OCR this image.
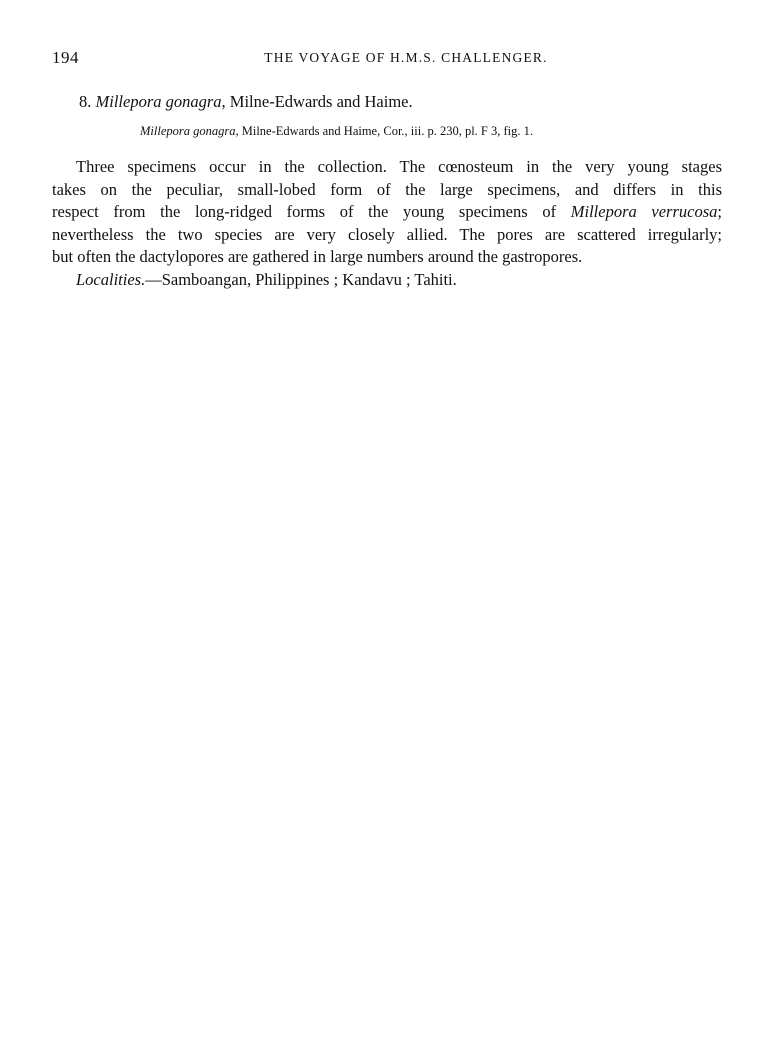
194	THE VOYAGE OF H.M.S. CHALLENGER.
8. Millepora gonagra, Milne-Edwards and Haime.
Millepora gonagra, Milne-Edwards and Haime, Cor., iii. p. 230, pl. F 3, fig. 1.
Three specimens occur in the collection. The cœnosteum in the very young stages
takes on the peculiar, small-lobed form of the large specimens, and differs in this
respect from the long-ridged forms of the young specimens of Millepora verrucosa;
nevertheless the two species are very closely allied. The pores are scattered irregularly;
but often the dactylopores are gathered in large numbers around the gastropores.
Localities.—Samboangan, Philippines ; Kandavu ; Tahiti.
